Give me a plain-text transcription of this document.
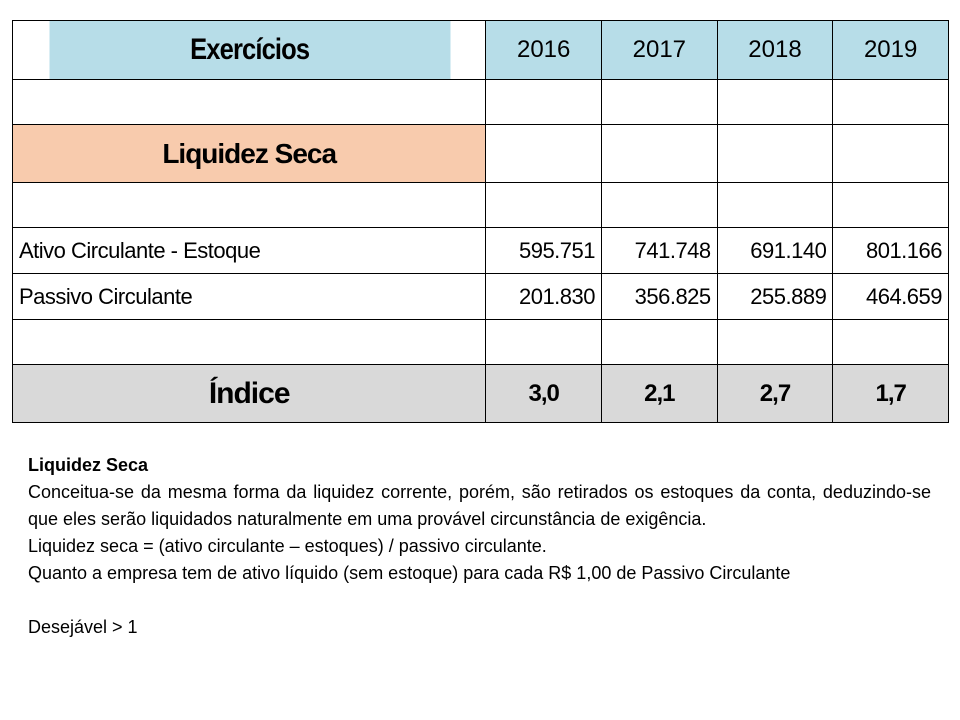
Exercícios	2016	2017	2018	2019

Liquidez Seca				

Ativo Circulante - Estoque	595.751	741.748	691.140	801.166
Passivo Circulante	201.830	356.825	255.889	464.659

Índice	3,0	2,1	2,7	1,7

Liquidez Seca

Conceitua-se da mesma forma da liquidez corrente, porém, são retirados os estoques da conta, deduzindo-se que eles serão liquidados naturalmente em uma provável circunstância de exigência.

Liquidez seca = (ativo circulante – estoques) / passivo circulante.

Quanto a empresa tem de ativo líquido (sem estoque) para cada R$ 1,00 de Passivo Circulante

Desejável > 1
